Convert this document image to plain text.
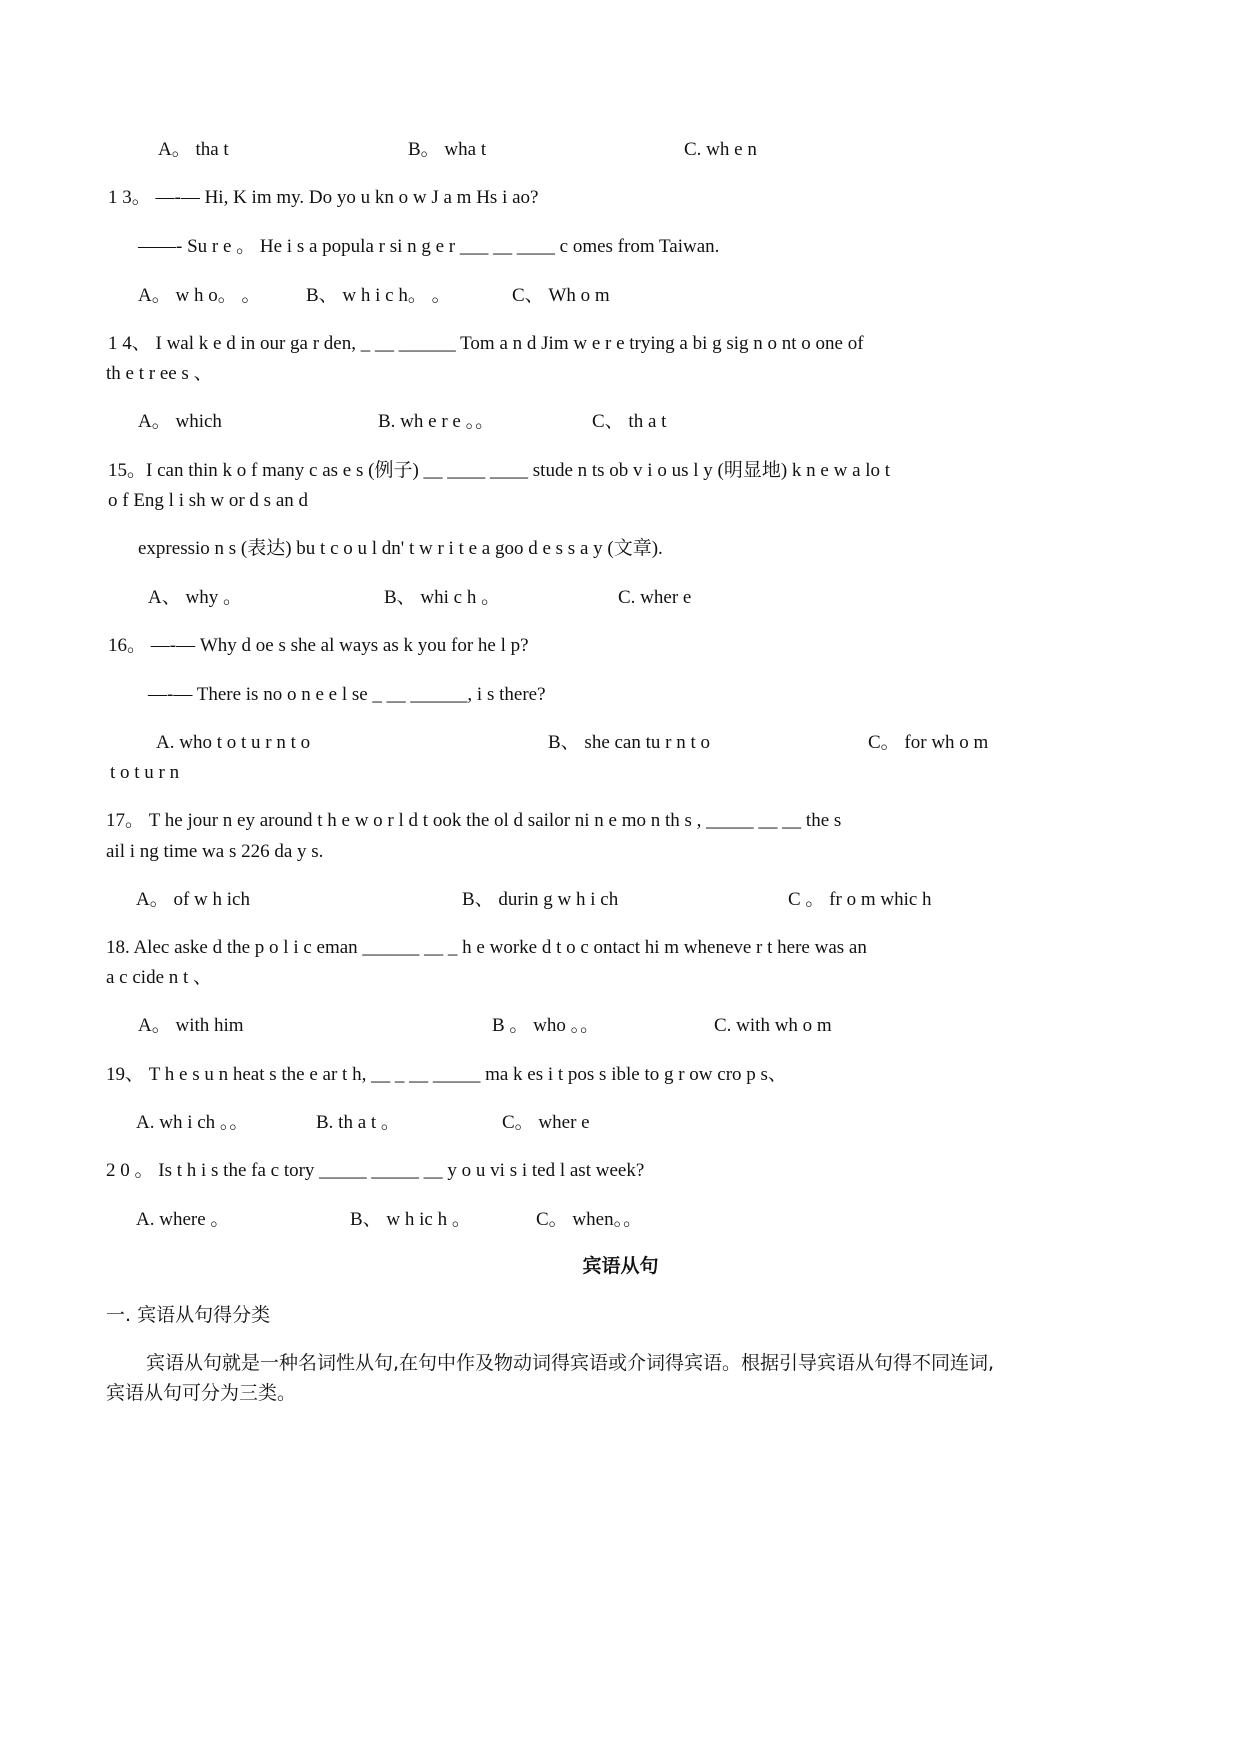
A。 tha t	B。 wha t	C. wh e n
1 3。 —-— Hi, K im my. Do yo u kn o w J a m Hs i ao?
——- Su r e 。 He i s a popula r si n g e r ___ __ ____ c omes from Taiwan.
A。 w h o。 。 B、 w h i c h。 。	C、 Wh o m
1 4、 I wal k e d in our ga r den, _ __ ______ Tom a n d Jim w e r e trying a bi g sig n o nt o one of
th e t r ee s 、
A。 which	B. wh e r e 。。	C、 th a t
15。I can thin k o f many c as e s (例子) __ ____ ____ stude n ts ob v i o us l y (明显地) k n e w a lo t
o f Eng l i sh w or d s an d
expressio n s (表达) bu t c o u l dn' t w r i t e a goo d e s s a y (文章).
A、 why 。	B、 whi c h 。	C. wher e
16。 —-— Why d oe s she al ways as k you for he l p?
—-— There is no o n e e l se _ __ ______, i s there?
A. who t o t u r n t o	B、 she can tu r n t o	C。 for wh o m
t o t u r n
17。 T he jour n ey around t h e w o r l d t ook the ol d sailor ni n e mo n th s , _____ __ __ the s
ail i ng time wa s 226 da y s.
A。 of w h ich	B、 durin g w h i ch	C 。 fr o m whic h
18. Alec aske d the p o l i c eman ______ __ _ h e worke d t o c ontact hi m wheneve r t here was an
a c cide n t 、
A。 with him	B 。 who 。。	C. with wh o m
19、 T h e s u n heat s the e ar t h, __ _ __ _____ ma k es i t pos s ible to g r ow cro p s、
A. wh i ch 。。	B. th a t 。	C。 wher e
2 0 。 Is t h i s the fa c tory _____ _____ __ y o u vi s i ted l ast week?
A. where 。	B、 w h ic h 。	C。 when。。
宾语从句
一. 宾语从句得分类
宾语从句就是一种名词性从句,在句中作及物动词得宾语或介词得宾语。根据引导宾语从句得不同连词,
宾语从句可分为三类。
